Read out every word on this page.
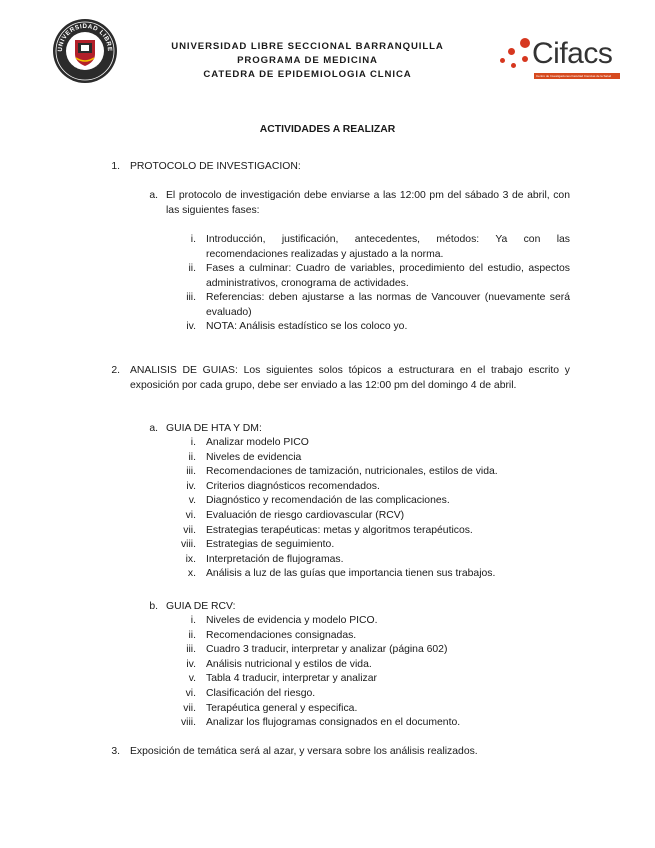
UNIVERSIDAD LIBRE
COLOMBIA
UNIVERSIDAD LIBRE SECCIONAL BARRANQUILLA
PROGRAMA DE MEDICINA
CATEDRA DE EPIDEMIOLOGIA CLNICA
Cifacs
Centro de Investigaciones Facultad Ciencias de la Salud
ACTIVIDADES A REALIZAR
1. PROTOCOLO DE INVESTIGACION:
a. El protocolo de investigación debe enviarse a las 12:00 pm del sábado 3 de abril, con las siguientes fases:
i. Introducción, justificación, antecedentes, métodos: Ya con las recomendaciones realizadas y ajustado a la norma.
ii. Fases a culminar: Cuadro de variables, procedimiento del estudio, aspectos administrativos, cronograma de actividades.
iii. Referencias: deben ajustarse a las normas de Vancouver (nuevamente será evaluado)
iv. NOTA: Análisis estadístico se los coloco yo.
2. ANALISIS DE GUIAS: Los siguientes solos tópicos a estructurara en el trabajo escrito y exposición por cada grupo, debe ser enviado a las 12:00 pm del domingo 4 de abril.
a. GUIA DE HTA Y DM:
i. Analizar modelo PICO
ii. Niveles de evidencia
iii. Recomendaciones de tamización, nutricionales, estilos de vida.
iv. Criterios diagnósticos recomendados.
v. Diagnóstico y recomendación de las complicaciones.
vi. Evaluación de riesgo cardiovascular (RCV)
vii. Estrategias terapéuticas: metas y algoritmos terapéuticos.
viii. Estrategias de seguimiento.
ix. Interpretación de flujogramas.
x. Análisis a luz de las guías que importancia tienen sus trabajos.
b. GUIA DE RCV:
i. Niveles de evidencia y modelo PICO.
ii. Recomendaciones consignadas.
iii. Cuadro 3 traducir, interpretar y analizar (página 602)
iv. Análisis nutricional y estilos de vida.
v. Tabla 4 traducir, interpretar y analizar
vi. Clasificación del riesgo.
vii. Terapéutica general y especifica.
viii. Analizar los flujogramas consignados en el documento.
3. Exposición de temática será al azar, y versara sobre los análisis realizados.
